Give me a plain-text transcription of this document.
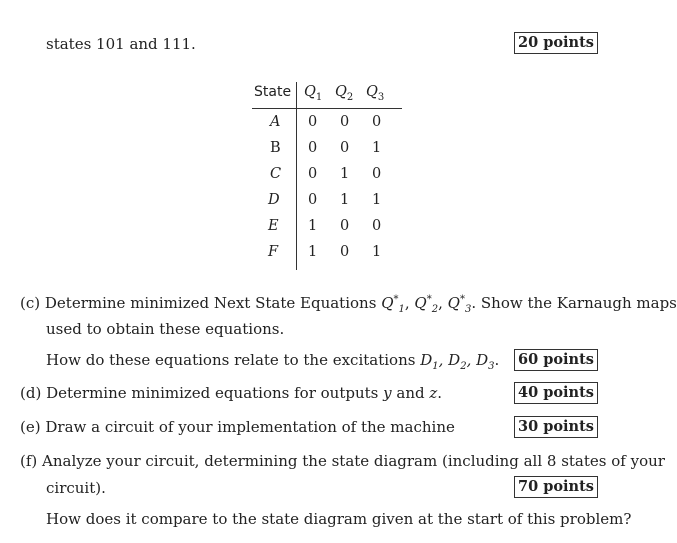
states 101 and 111.	20 points
State $Q_1$ $Q_2$ $Q_3$
A 0 0 0
B 0 0 1
C 0 1 0
D 0 1 1
E 1 0 0
F 1 0 1
(c) Determine minimized Next State Equations $Q^*_1$, $Q^*_2$, $Q^*_3$. Show the Karnaugh maps
used to obtain these equations.
How do these equations relate to the excitations $D_1$, $D_2$, $D_3$. 60 points
(d) Determine minimized equations for outputs y and z.	40 points
(e) Draw a circuit of your implementation of the machine	30 points
(f) Analyze your circuit, determining the state diagram (including all 8 states of your
circuit).	70 points
How does it compare to the state diagram given at the start of this problem?
